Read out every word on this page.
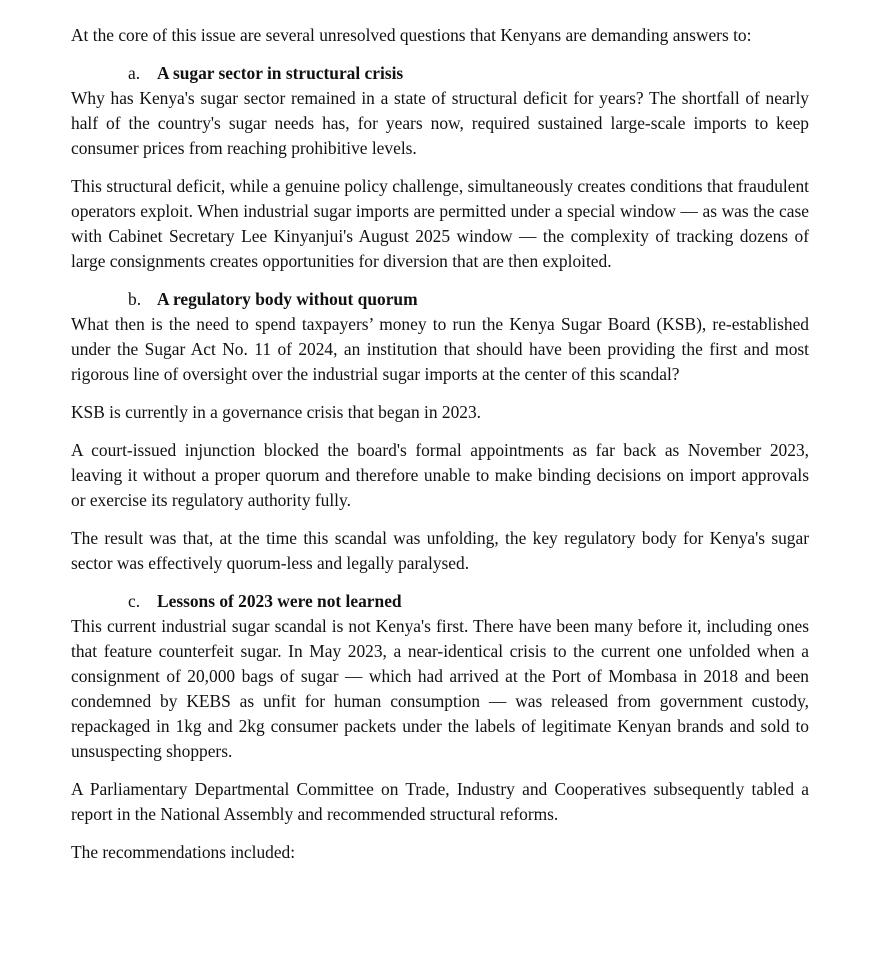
At the core of this issue are several unresolved questions that Kenyans are demanding answers to:

a. A sugar sector in structural crisis

Why has Kenya's sugar sector remained in a state of structural deficit for years? The shortfall of nearly half of the country's sugar needs has, for years now, required sustained large-scale imports to keep consumer prices from reaching prohibitive levels.

This structural deficit, while a genuine policy challenge, simultaneously creates conditions that fraudulent operators exploit. When industrial sugar imports are permitted under a special window — as was the case with Cabinet Secretary Lee Kinyanjui's August 2025 window — the complexity of tracking dozens of large consignments creates opportunities for diversion that are then exploited.

b. A regulatory body without quorum

What then is the need to spend taxpayers’ money to run the Kenya Sugar Board (KSB), re-established under the Sugar Act No. 11 of 2024, an institution that should have been providing the first and most rigorous line of oversight over the industrial sugar imports at the center of this scandal?

KSB is currently in a governance crisis that began in 2023.

A court-issued injunction blocked the board's formal appointments as far back as November 2023, leaving it without a proper quorum and therefore unable to make binding decisions on import approvals or exercise its regulatory authority fully.

The result was that, at the time this scandal was unfolding, the key regulatory body for Kenya's sugar sector was effectively quorum-less and legally paralysed.

c. Lessons of 2023 were not learned

This current industrial sugar scandal is not Kenya's first. There have been many before it, including ones that feature counterfeit sugar. In May 2023, a near-identical crisis to the current one unfolded when a consignment of 20,000 bags of sugar — which had arrived at the Port of Mombasa in 2018 and been condemned by KEBS as unfit for human consumption — was released from government custody, repackaged in 1kg and 2kg consumer packets under the labels of legitimate Kenyan brands and sold to unsuspecting shoppers.

A Parliamentary Departmental Committee on Trade, Industry and Cooperatives subsequently tabled a report in the National Assembly and recommended structural reforms.

The recommendations included:
